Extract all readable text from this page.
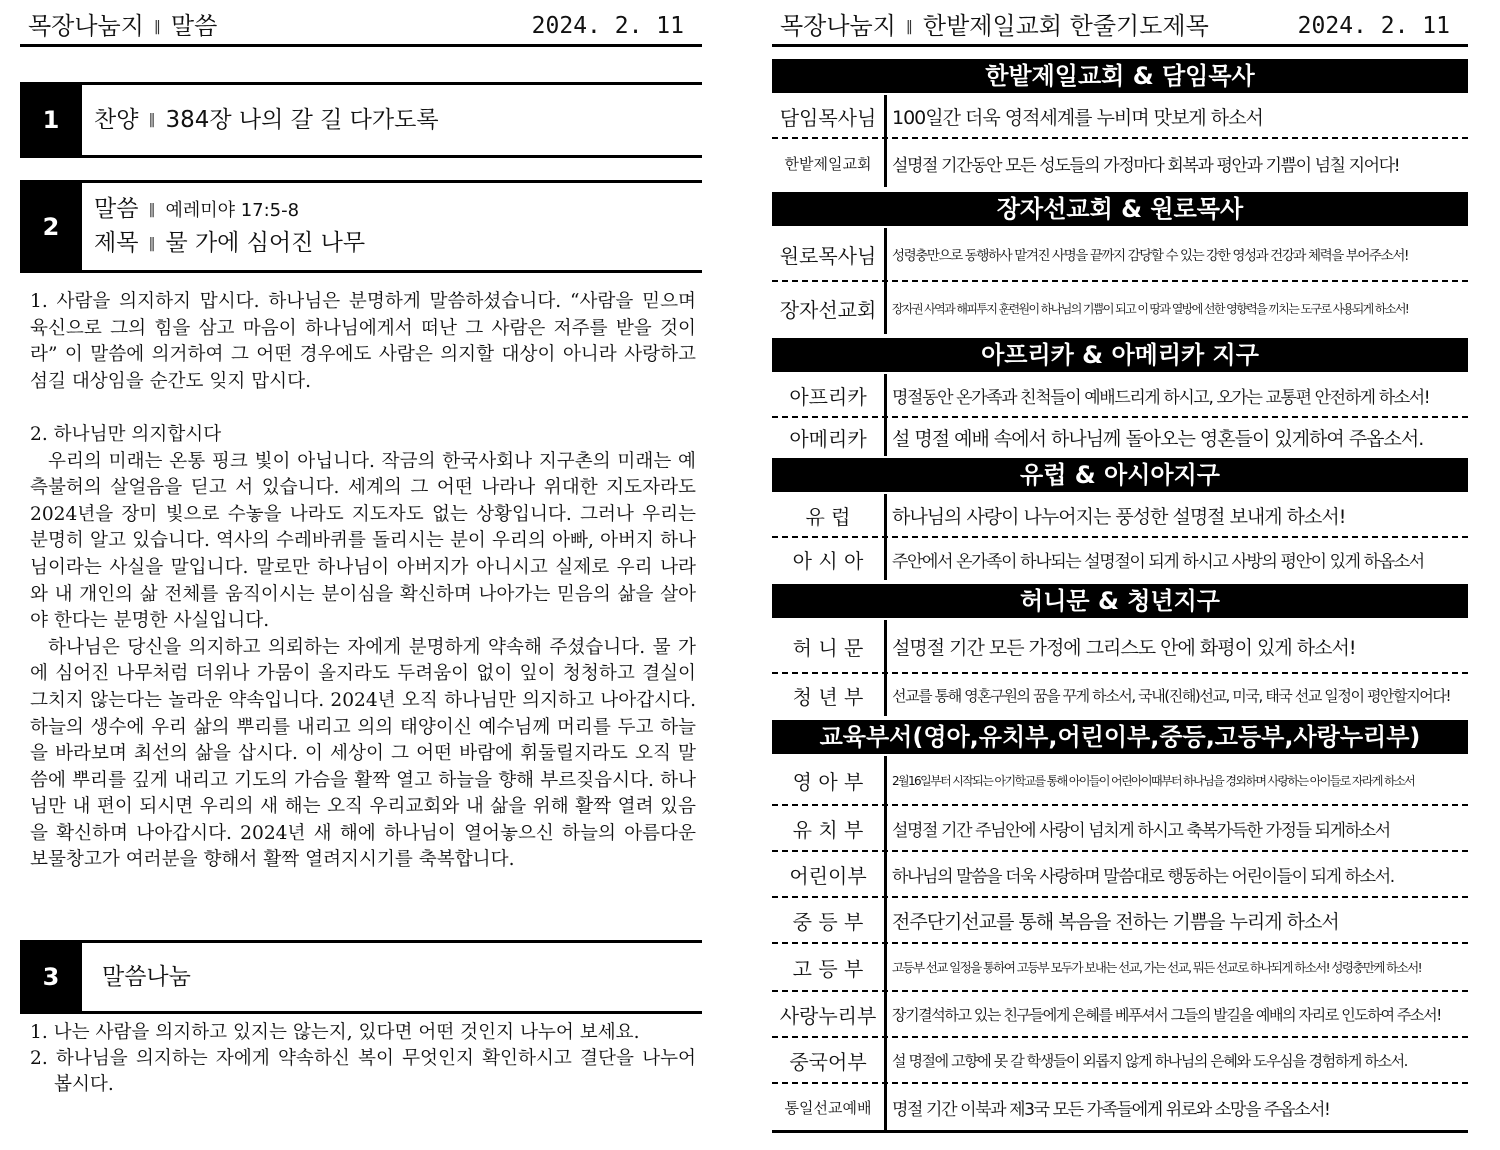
목장나눔지 ‖ 말씀	2024. 2. 11
1	찬양 ‖ 384장 나의 갈 길 다가도록
2
말씀 ‖ 예레미야 17:5-8
제목 ‖ 물 가에 심어진 나무

1. 사람을 의지하지 맙시다. 하나님은 분명하게 말씀하셨습니다. “사람을 믿으며 육신으로 그의 힘을 삼고 마음이 하나님에게서 떠난 그 사람은 저주를 받을 것이라” 이 말씀에 의거하여 그 어떤 경우에도 사람은 의지할 대상이 아니라 사랑하고 섬길 대상임을 순간도 잊지 맙시다.

2. 하나님만 의지합시다

우리의 미래는 온통 핑크 빛이 아닙니다. 작금의 한국사회나 지구촌의 미래는 예측불허의 살얼음을 딛고 서 있습니다. 세계의 그 어떤 나라나 위대한 지도자라도 2024년을 장미 빛으로 수놓을 나라도 지도자도 없는 상황입니다. 그러나 우리는 분명히 알고 있습니다. 역사의 수레바퀴를 돌리시는 분이 우리의 아빠, 아버지 하나님이라는 사실을 말입니다. 말로만 하나님이 아버지가 아니시고 실제로 우리 나라와 내 개인의 삶 전체를 움직이시는 분이심을 확신하며 나아가는 믿음의 삶을 살아야 한다는 분명한 사실입니다.

하나님은 당신을 의지하고 의뢰하는 자에게 분명하게 약속해 주셨습니다. 물 가에 심어진 나무처럼 더위나 가뭄이 올지라도 두려움이 없이 잎이 청청하고 결실이 그치지 않는다는 놀라운 약속입니다. 2024년 오직 하나님만 의지하고 나아갑시다. 하늘의 생수에 우리 삶의 뿌리를 내리고 의의 태양이신 예수님께 머리를 두고 하늘을 바라보며 최선의 삶을 삽시다. 이 세상이 그 어떤 바람에 휘둘릴지라도 오직 말씀에 뿌리를 깊게 내리고 기도의 가슴을 활짝 열고 하늘을 향해 부르짖읍시다. 하나님만 내 편이 되시면 우리의 새 해는 오직 우리교회와 내 삶을 위해 활짝 열려 있음을 확신하며 나아갑시다. 2024년 새 해에 하나님이 열어놓으신 하늘의 아름다운 보물창고가 여러분을 향해서 활짝 열려지시기를 축복합니다.

3	말씀나눔

1. 나는 사람을 의지하고 있지는 않는지, 있다면 어떤 것인지 나누어 보세요.

2. 하나님을 의지하는 자에게 약속하신 복이 무엇인지 확인하시고 결단을 나누어 봅시다.

목장나눔지 ‖ 한밭제일교회 한줄기도제목	2024. 2. 11
한밭제일교회 & 담임목사
담임목사님 100일간 더욱 영적세계를 누비며 맛보게 하소서
한밭제일교회	설명절 기간동안 모든 성도들의 가정마다 회복과 평안과 기쁨이 넘칠 지어다!
장자선교회 & 원로목사
원로목사님	성령충만으로 동행하사 맡겨진 사명을 끝까지 감당할 수 있는 강한 영성과 건강과 체력을 부어주소서!
장자선교회	장자권 사역과 해피투지 훈련원이 하나님의 기쁨이 되고 이 땅과 열방에 선한 영향력을 끼치는 도구로 사용되게 하소서!
아프리카 & 아메리카 지구
아프리카	명절동안 온가족과 친척들이 예배드리게 하시고, 오가는 교통편 안전하게 하소서!
아메리카	설 명절 예배 속에서 하나님께 돌아오는 영혼들이 있게하여 주옵소서.
유럽 & 아시아지구
유 럽	하나님의 사랑이 나누어지는 풍성한 설명절 보내게 하소서!
아 시 아	주안에서 온가족이 하나되는 설명절이 되게 하시고 사방의 평안이 있게 하옵소서
허니문 & 청년지구
허 니 문	설명절 기간 모든 가정에 그리스도 안에 화평이 있게 하소서!
청 년 부	선교를 통해 영혼구원의 꿈을 꾸게 하소서, 국내(진해)선교, 미국, 태국 선교 일정이 평안할지어다!
교육부서(영아,유치부,어린이부,중등,고등부,사랑누리부)
영 아 부	2월16일부터 시작되는 아기학교를 통해 아이들이 어린아이때부터 하나님을 경외하며 사랑하는 아이들로 자라게 하소서
유 치 부	설명절 기간 주님안에 사랑이 넘치게 하시고 축복가득한 가정들 되게하소서
어린이부	하나님의 말씀을 더욱 사랑하며 말씀대로 행동하는 어린이들이 되게 하소서.
중 등 부	전주단기선교를 통해 복음을 전하는 기쁨을 누리게 하소서
고 등 부	고등부 선교 일정을 통하여 고등부 모두가 보내는 선교, 가는 선교, 뭐든 선교로 하나되게 하소서! 성령충만케 하소서!
사랑누리부	장기결석하고 있는 친구들에게 은혜를 베푸셔서 그들의 발길을 예배의 자리로 인도하여 주소서!
중국어부	설 명절에 고향에 못 갈 학생들이 외롭지 않게 하나님의 은혜와 도우심을 경험하게 하소서.
통일선교예배	명절 기간 이북과 제3국 모든 가족들에게 위로와 소망을 주옵소서!
